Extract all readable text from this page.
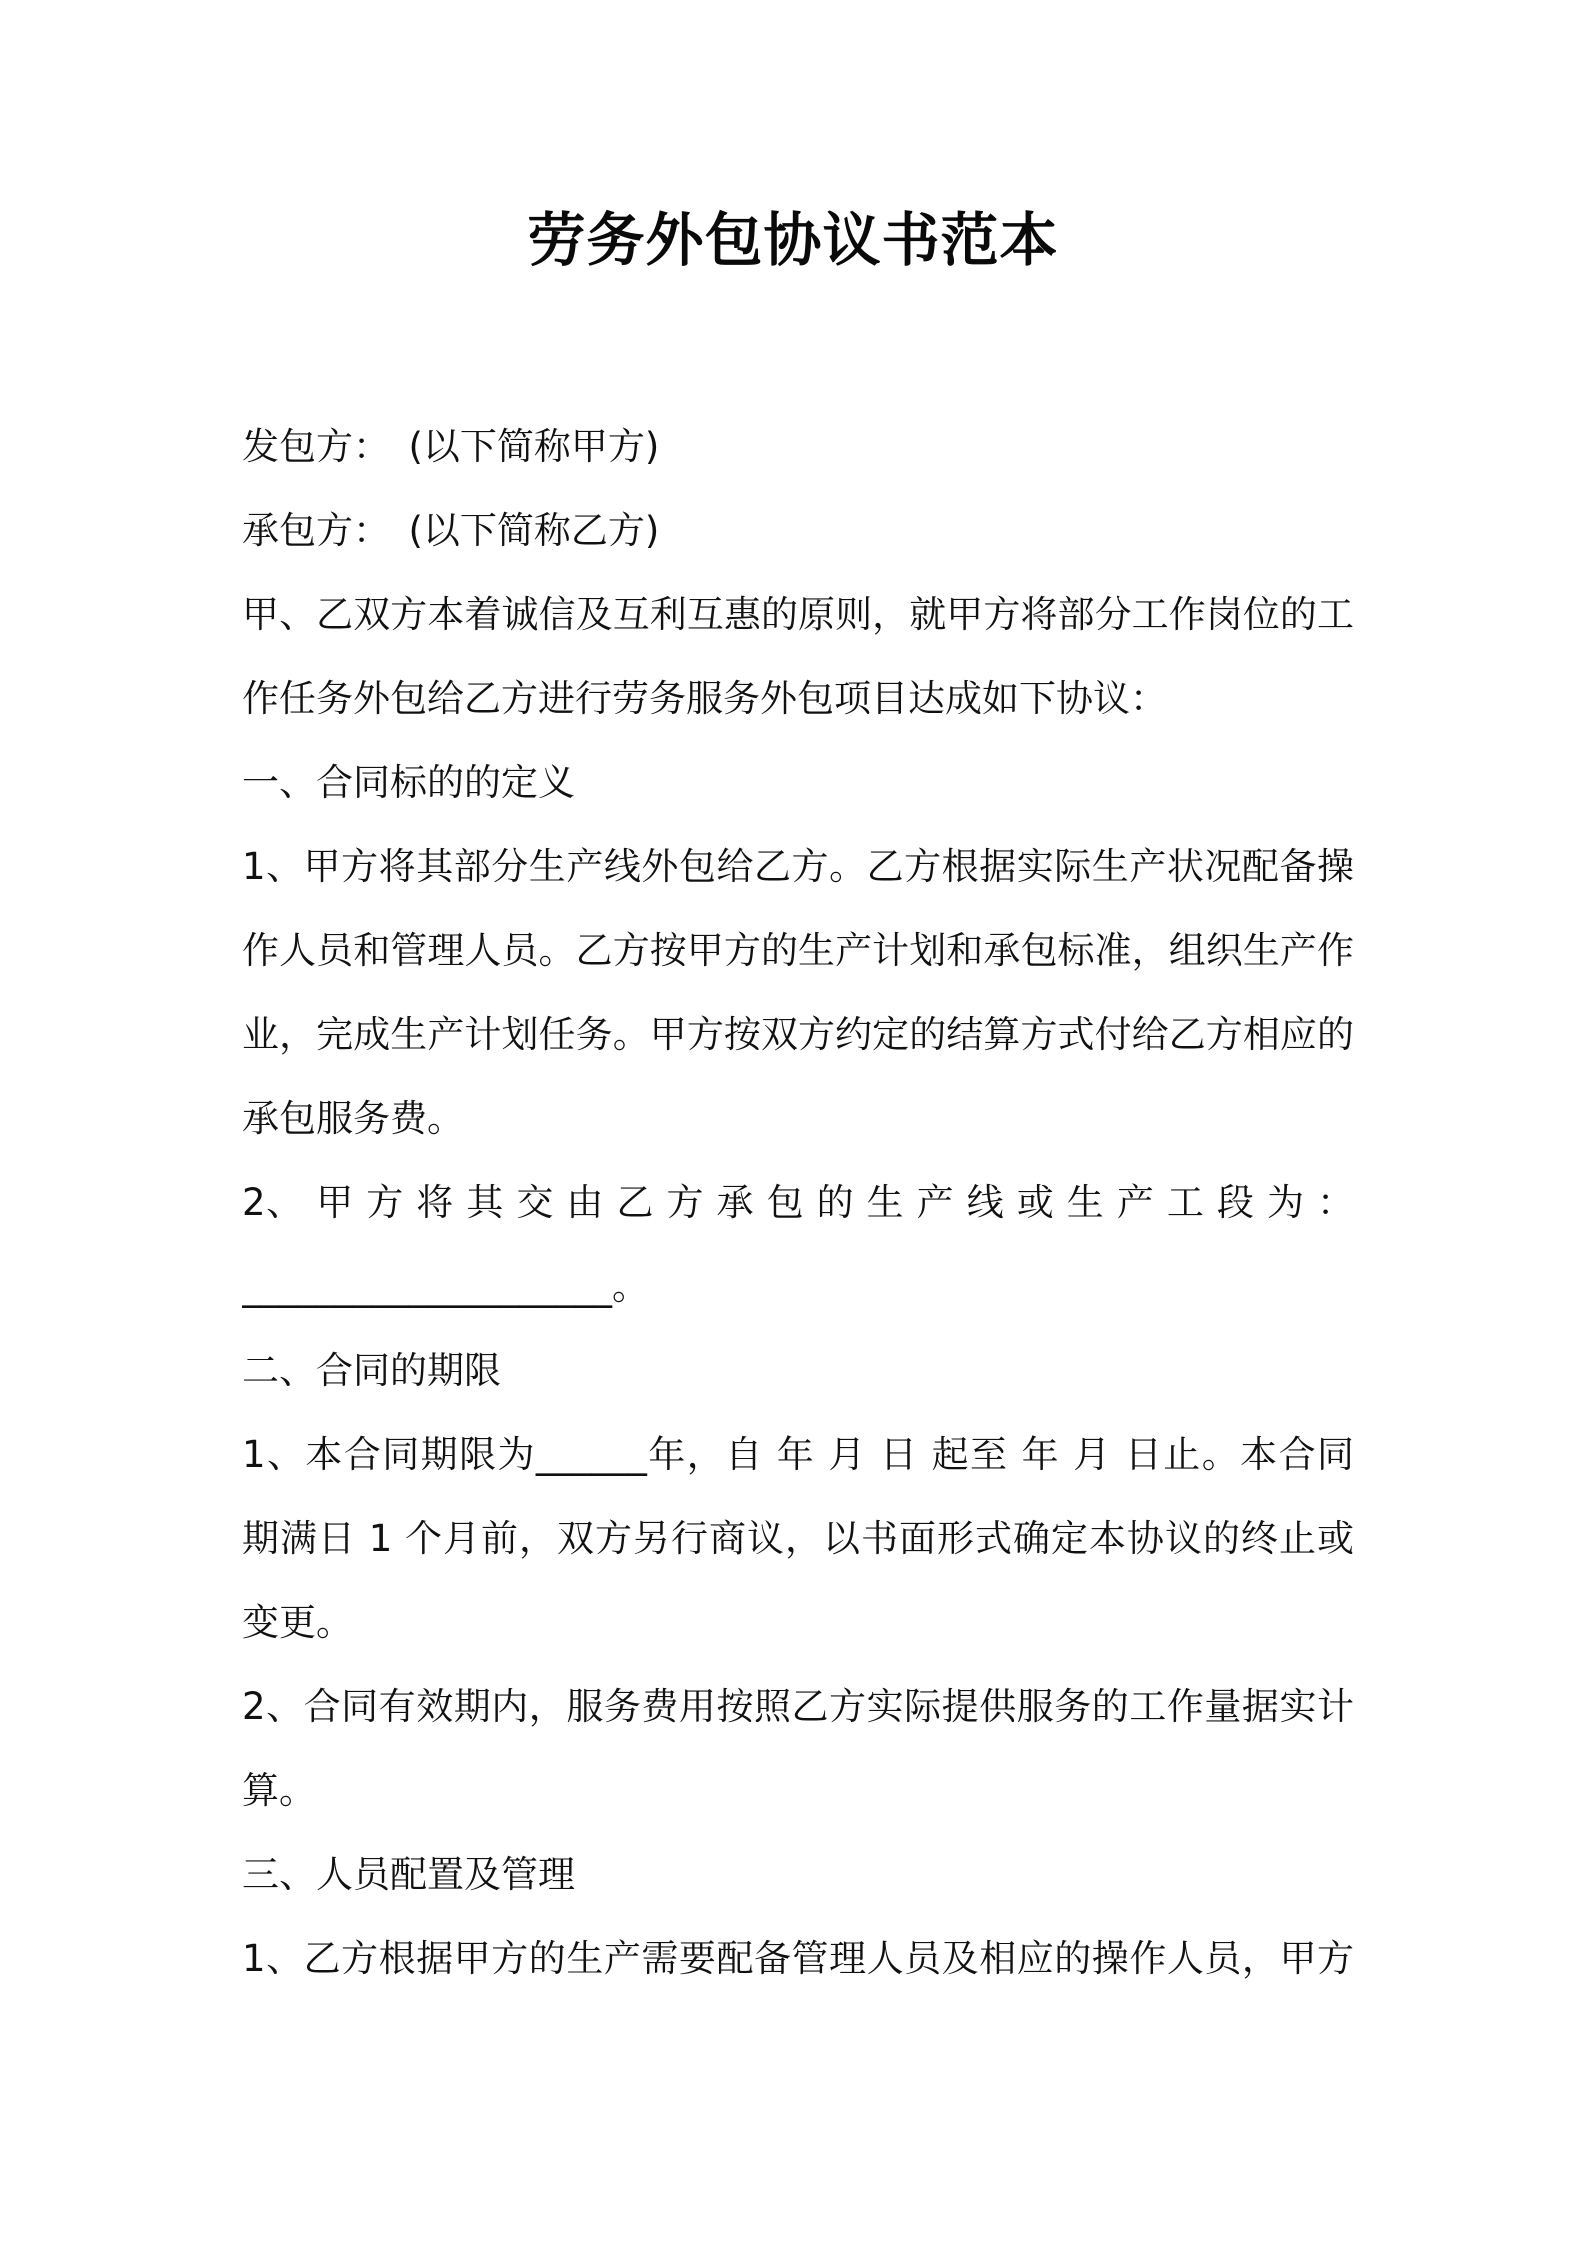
劳务外包协议书范本
发包方：　(以下简称甲方)
承包方：　(以下简称乙方)
甲、乙双方本着诚信及互利互惠的原则，就甲方将部分工作岗位的工
作任务外包给乙方进行劳务服务外包项目达成如下协议：
一、合同标的的定义
1、甲方将其部分生产线外包给乙方。乙方根据实际生产状况配备操
作人员和管理人员。乙方按甲方的生产计划和承包标准，组织生产作
业，完成生产计划任务。甲方按双方约定的结算方式付给乙方相应的
承包服务费。
2、 甲 方 将 其 交 由 乙 方 承 包 的 生 产 线 或 生 产 工 段 为 ：
____________________。
二、合同的期限
1、本合同期限为______年，自 年 月 日 起至 年 月 日止。本合同
期满日 1 个月前，双方另行商议，以书面形式确定本协议的终止或
变更。
2、合同有效期内，服务费用按照乙方实际提供服务的工作量据实计
算。
三、人员配置及管理
1、乙方根据甲方的生产需要配备管理人员及相应的操作人员，甲方
